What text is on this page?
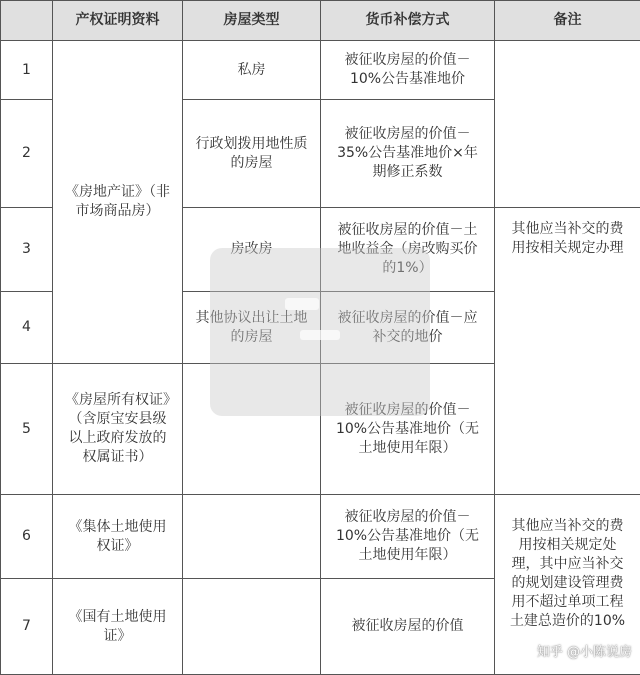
	产权证明资料	房屋类型	货币补偿方式	备注
1	《房地产证》（非市场商品房）	私房	被征收房屋的价值－10%公告基准地价	
2		行政划拨用地性质的房屋	被征收房屋的价值－35%公告基准地价×年期修正系数	
3		房改房	被征收房屋的价值－土地收益金（房改购买价的1%）	其他应当补交的费用按相关规定办理
4		其他协议出让土地的房屋	被征收房屋的价值－应补交的地价	
5	《房屋所有权证》（含原宝安县级以上政府发放的权属证书）		被征收房屋的价值－10%公告基准地价（无土地使用年限）	
6	《集体土地使用权证》		被征收房屋的价值－10%公告基准地价（无土地使用年限）	其他应当补交的费用按相关规定处理，其中应当补交的规划建设管理费用不超过单项工程土建总造价的10%
7	《国有土地使用证》		被征收房屋的价值	
知乎 @小陈说房
